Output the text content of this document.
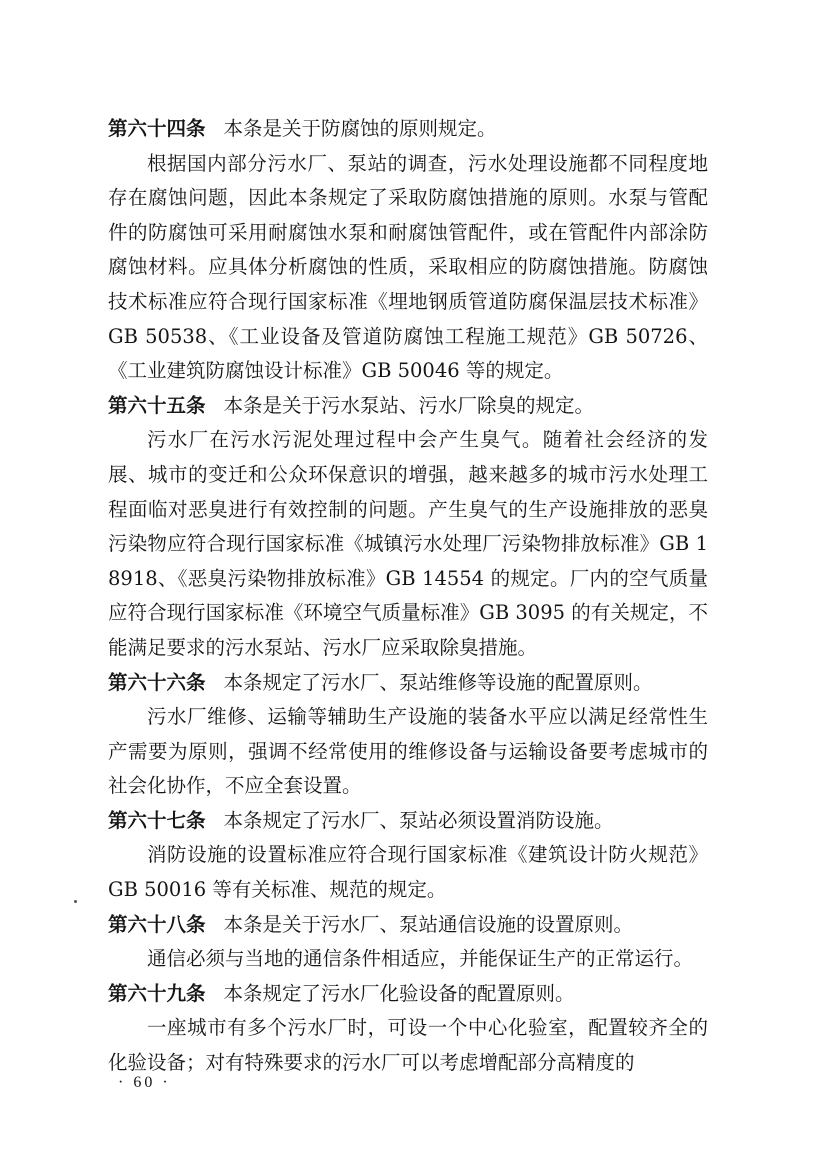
第六十四条 本条是关于防腐蚀的原则规定。

根据国内部分污水厂、泵站的调查，污水处理设施都不同程度地存在腐蚀问题，因此本条规定了采取防腐蚀措施的原则。水泵与管配件的防腐蚀可采用耐腐蚀水泵和耐腐蚀管配件，或在管配件内部涂防腐蚀材料。应具体分析腐蚀的性质，采取相应的防腐蚀措施。防腐蚀技术标准应符合现行国家标准《埋地钢质管道防腐保温层技术标准》GB 50538、《工业设备及管道防腐蚀工程施工规范》GB 50726、《工业建筑防腐蚀设计标准》GB 50046 等的规定。

第六十五条 本条是关于污水泵站、污水厂除臭的规定。

污水厂在污水污泥处理过程中会产生臭气。随着社会经济的发展、城市的变迁和公众环保意识的增强，越来越多的城市污水处理工程面临对恶臭进行有效控制的问题。产生臭气的生产设施排放的恶臭污染物应符合现行国家标准《城镇污水处理厂污染物排放标准》GB 18918、《恶臭污染物排放标准》GB 14554 的规定。厂内的空气质量应符合现行国家标准《环境空气质量标准》GB 3095 的有关规定，不能满足要求的污水泵站、污水厂应采取除臭措施。

第六十六条 本条规定了污水厂、泵站维修等设施的配置原则。

污水厂维修、运输等辅助生产设施的装备水平应以满足经常性生产需要为原则，强调不经常使用的维修设备与运输设备要考虑城市的社会化协作，不应全套设置。

第六十七条 本条规定了污水厂、泵站必须设置消防设施。

消防设施的设置标准应符合现行国家标准《建筑设计防火规范》GB 50016 等有关标准、规范的规定。

第六十八条 本条是关于污水厂、泵站通信设施的设置原则。

通信必须与当地的通信条件相适应，并能保证生产的正常运行。

第六十九条 本条规定了污水厂化验设备的配置原则。

一座城市有多个污水厂时，可设一个中心化验室，配置较齐全的化验设备；对有特殊要求的污水厂可以考虑增配部分高精度的

· 60 ·
